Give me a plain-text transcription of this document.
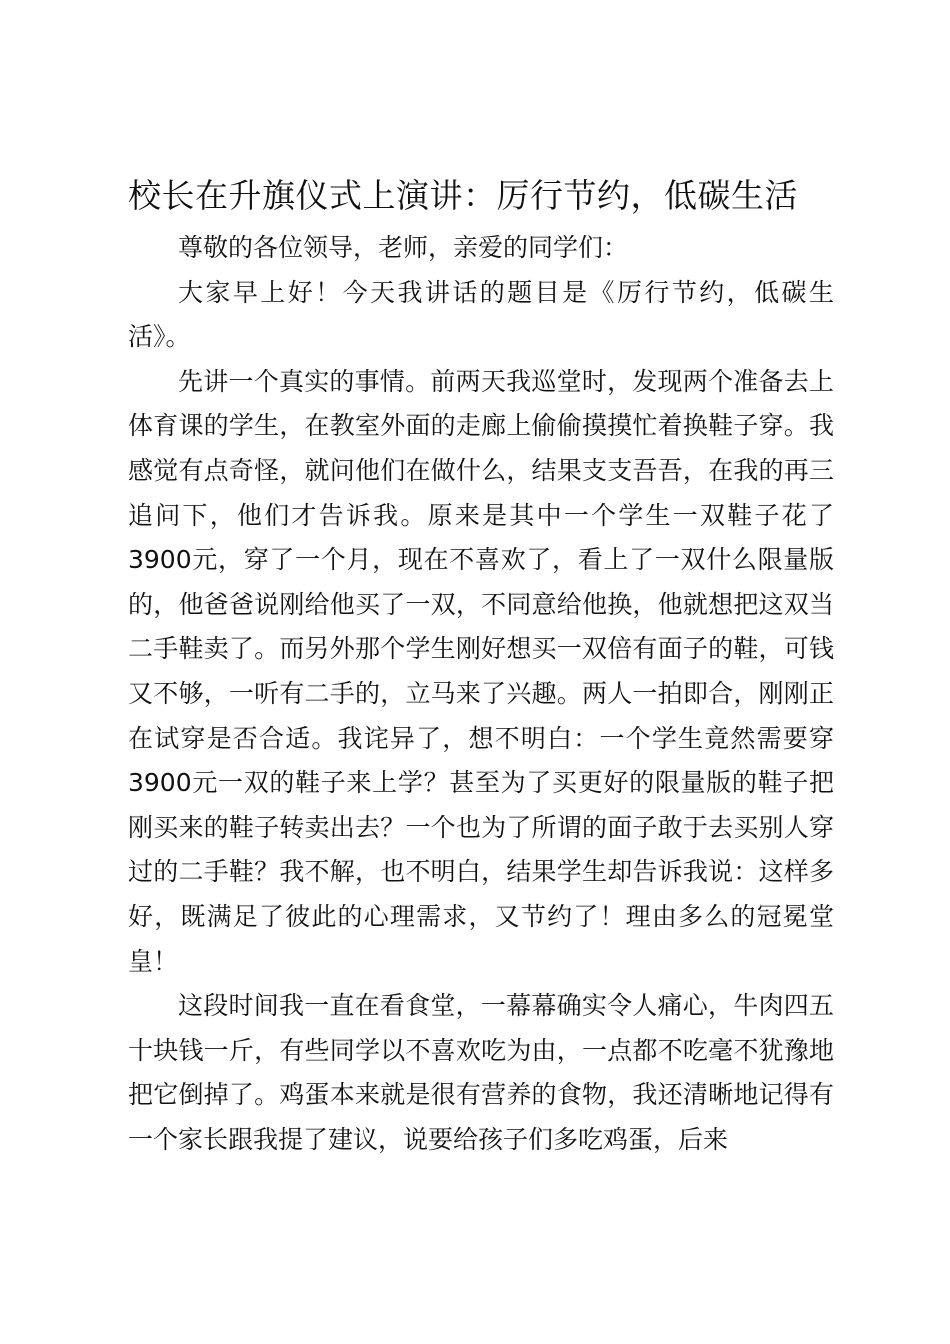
校长在升旗仪式上演讲：厉行节约，低碳生活

尊敬的各位领导，老师，亲爱的同学们：

大家早上好！今天我讲话的题目是《厉行节约，低碳生活》。

先讲一个真实的事情。前两天我巡堂时，发现两个准备去上体育课的学生，在教室外面的走廊上偷偷摸摸忙着换鞋子穿。我感觉有点奇怪，就问他们在做什么，结果支支吾吾，在我的再三追问下，他们才告诉我。原来是其中一个学生一双鞋子花了3900元，穿了一个月，现在不喜欢了，看上了一双什么限量版的，他爸爸说刚给他买了一双，不同意给他换，他就想把这双当二手鞋卖了。而另外那个学生刚好想买一双倍有面子的鞋，可钱又不够，一听有二手的，立马来了兴趣。两人一拍即合，刚刚正在试穿是否合适。我诧异了，想不明白：一个学生竟然需要穿3900元一双的鞋子来上学？甚至为了买更好的限量版的鞋子把刚买来的鞋子转卖出去？一个也为了所谓的面子敢于去买别人穿过的二手鞋？我不解，也不明白，结果学生却告诉我说：这样多好，既满足了彼此的心理需求，又节约了！理由多么的冠冕堂皇！

这段时间我一直在看食堂，一幕幕确实令人痛心，牛肉四五十块钱一斤，有些同学以不喜欢吃为由，一点都不吃毫不犹豫地把它倒掉了。鸡蛋本来就是很有营养的食物，我还清晰地记得有一个家长跟我提了建议，说要给孩子们多吃鸡蛋，后来
